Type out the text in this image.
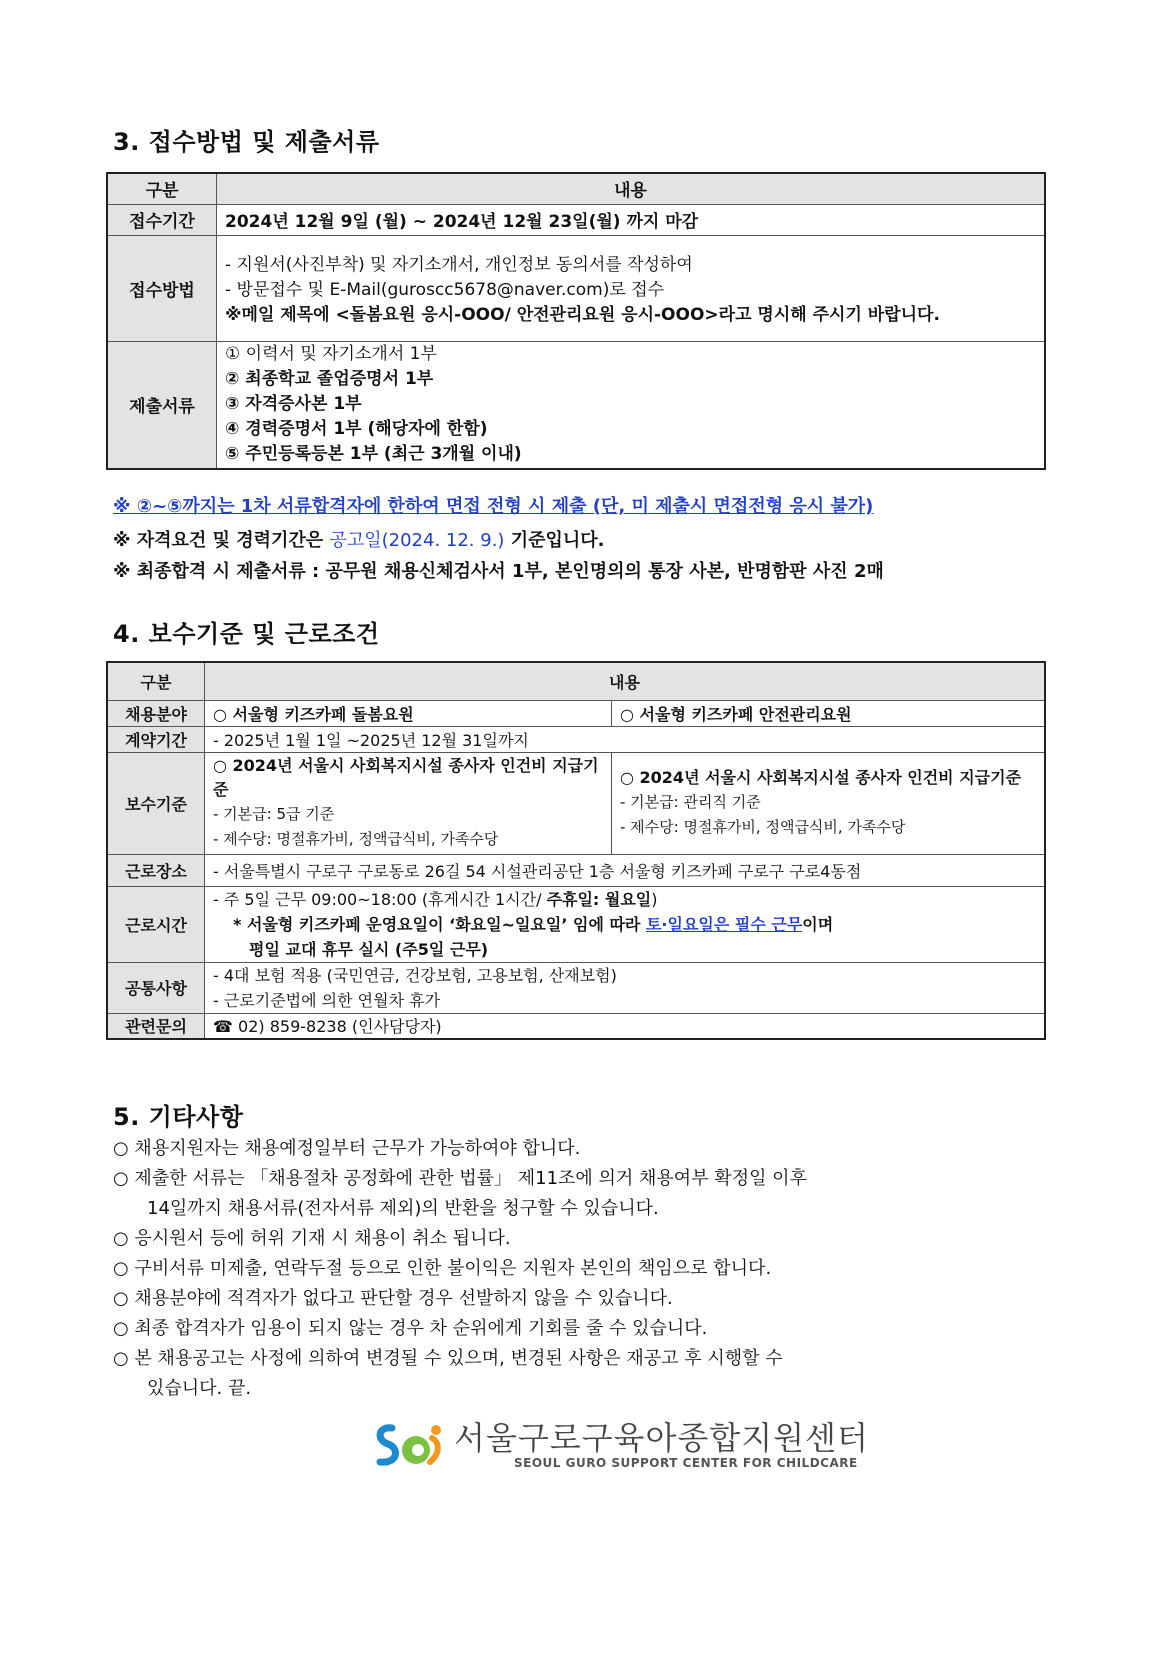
3. 접수방법 및 제출서류
구분	내용
접수기간	2024년 12월 9일 (월) ~ 2024년 12월 23일(월) 까지 마감
접수방법	- 지원서(사진부착) 및 자기소개서, 개인정보 동의서를 작성하여
- 방문접수 및 E-Mail(guroscc5678@naver.com)로 접수
※메일 제목에 <돌봄요원 응시-OOO/ 안전관리요원 응시-OOO>라고 명시해 주시기 바랍니다.

제출서류	① 이력서 및 자기소개서 1부
② 최종학교 졸업증명서 1부
③ 자격증사본 1부
④ 경력증명서 1부 (해당자에 한함)
⑤ 주민등록등본 1부 (최근 3개월 이내)
※ ②~⑤까지는 1차 서류합격자에 한하여 면접 전형 시 제출 (단, 미 제출시 면접전형 응시 불가)
※ 자격요건 및 경력기간은 공고일(2024. 12. 9.) 기준입니다.
※ 최종합격 시 제출서류 : 공무원 채용신체검사서 1부, 본인명의의 통장 사본, 반명함판 사진 2매
4. 보수기준 및 근로조건
구분	내용	
채용분야	○ 서울형 키즈카페 돌봄요원	○ 서울형 키즈카페 안전관리요원
계약기간	- 2025년 1월 1일 ~2025년 12월 31일까지	
보수기준	○ 2024년 서울시 사회복지시설 종사자 인건비 지급기준
- 기본급: 5급 기준
- 제수당: 명절휴가비, 정액급식비, 가족수당	○ 2024년 서울시 사회복지시설 종사자 인건비 지급기준
- 기본급: 관리직 기준
- 제수당: 명절휴가비, 정액급식비, 가족수당

근로장소	- 서울특별시 구로구 구로동로 26길 54 시설관리공단 1층 서울형 키즈카페 구로구 구로4동점	
근로시간	- 주 5일 근무 09:00~18:00 (휴게시간 1시간/ 주휴일: 월요일)
* 서울형 키즈카페 운영요일이 ‘화요일~일요일’ 임에 따라 토·일요일은 필수 근무이며
평일 교대 휴무 실시 (주5일 근무)	

공통사항	- 4대 보험 적용 (국민연금, 건강보험, 고용보험, 산재보험)
- 근로기준법에 의한 연월차 휴가	

관련문의	☎ 02) 859-8238 (인사담당자)	
5. 기타사항
○ 채용지원자는 채용예정일부터 근무가 가능하여야 합니다.
○ 제출한 서류는 「채용절차 공정화에 관한 법률」 제11조에 의거 채용여부 확정일 이후
14일까지 채용서류(전자서류 제외)의 반환을 청구할 수 있습니다.
○ 응시원서 등에 허위 기재 시 채용이 취소 됩니다.
○ 구비서류 미제출, 연락두절 등으로 인한 불이익은 지원자 본인의 책임으로 합니다.
○ 채용분야에 적격자가 없다고 판단할 경우 선발하지 않을 수 있습니다.
○ 최종 합격자가 임용이 되지 않는 경우 차 순위에게 기회를 줄 수 있습니다.
○ 본 채용공고는 사정에 의하여 변경될 수 있으며, 변경된 사항은 재공고 후 시행할 수
있습니다. 끝.
서울구로구육아종합지원센터
SEOUL GURO SUPPORT CENTER FOR CHILDCARE
